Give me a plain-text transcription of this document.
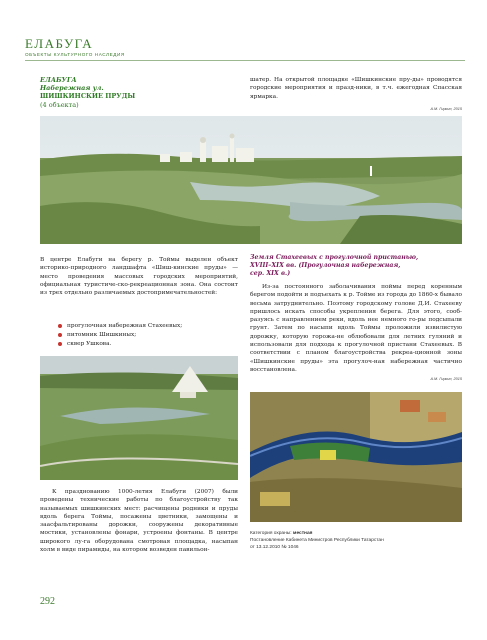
ЕЛАБУГА
ОБЪЕКТЫ КУЛЬТУРНОГО НАСЛЕДИЯ
ЕЛАБУГА
Набережная ул.
ШИШКИНСКИЕ ПРУДЫ
(4 объекта)
шатер. На открытой площадке «Шишкинские пру-ды» проводятся городские мероприятия и празд-ники, в т.ч. ежегодная Спасская ярмарка.
А.М. Гиркин, 2015
В центре Елабуги на берегу р. Тоймы выделен объект историко-природного ландшафта «Шиш-кинские пруды» — место проведения массовых городских мероприятий, официальная туристиче-ско-рекреационная зона. Она состоит из трех отдельно различаемых достопримечательностей:
прогулочная набережная Стахеевых;
питомник Шишкиных;
сквер Ушкова.
Земля Стахеевых с прогулочной пристанью,
XVIII–XIX вв. (Прогулочная набережная,
сер. XIX в.)
Из-за постоянного заболачивания поймы перед коренным берегом подойти и подъехать к р. Тойме из города до 1860-х бывало весьма затруднительно. Поэтому городскому голове Д.И. Стахееву пришлось искать способы укрепления берега. Для этого, сооб-разуясь с направлением реки, вдоль нее немного го-ры подсыпали грунт. Затем по насыпи вдоль Тоймы проложили извилистую дорожку, которую горожа-не облюбовали для летних гуляний и использовали для подхода к прогулочной пристани Стахеевых. В соответствии с планом благоустройства рекреа-ционной зоны «Шишкинские пруды» эта прогулоч-ная набережная частично восстановлена.
А.М. Гиркин, 2015
К празднованию 1000-летия Елабуги (2007) были проведены технические работы по благоустройству так называемых шишкинских мест: расчищены родники и пруды вдоль берега Тоймы, посажены цветники, замощены и заасфальтированы дорожки, сооружены декоративные мостики, установлены фонари, устроены фонтаны. В центре широкого лу-га оборудована смотровая площадка, насыпан холм в виде пирамиды, на котором возведен павильон-
Категория охраны: местная
Постановление Кабинета Министров Республики Татарстан
от 13.12.2010 № 1046
292
